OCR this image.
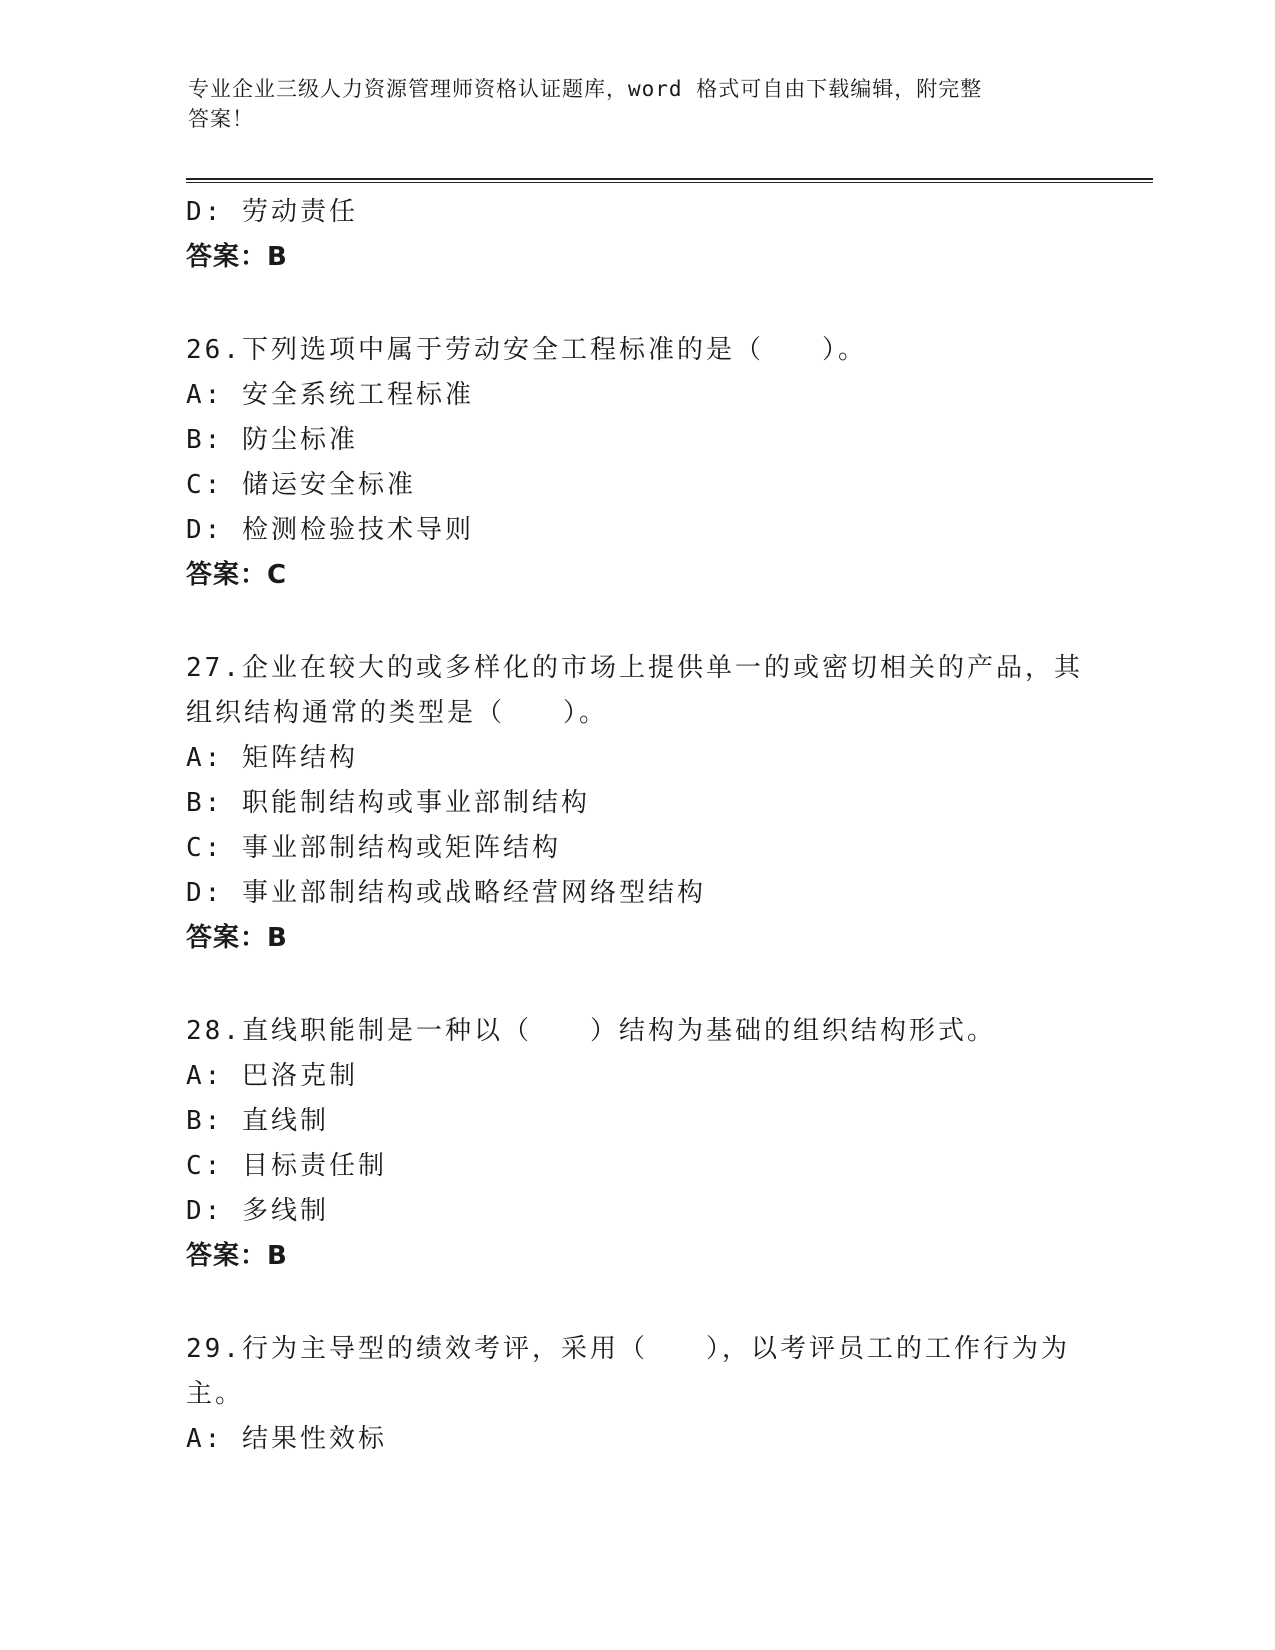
专业企业三级人力资源管理师资格认证题库，word 格式可自由下载编辑，附完整
答案！
D: 劳动责任
答案：B
26.下列选项中属于劳动安全工程标准的是（　　）。
A: 安全系统工程标准
B: 防尘标准
C: 储运安全标准
D: 检测检验技术导则
答案：C
27.企业在较大的或多样化的市场上提供单一的或密切相关的产品，其
组织结构通常的类型是（　　）。
A: 矩阵结构
B: 职能制结构或事业部制结构
C: 事业部制结构或矩阵结构
D: 事业部制结构或战略经营网络型结构
答案：B
28.直线职能制是一种以（　　）结构为基础的组织结构形式。
A: 巴洛克制
B: 直线制
C: 目标责任制
D: 多线制
答案：B
29.行为主导型的绩效考评，采用（　　），以考评员工的工作行为为
主。
A: 结果性效标
